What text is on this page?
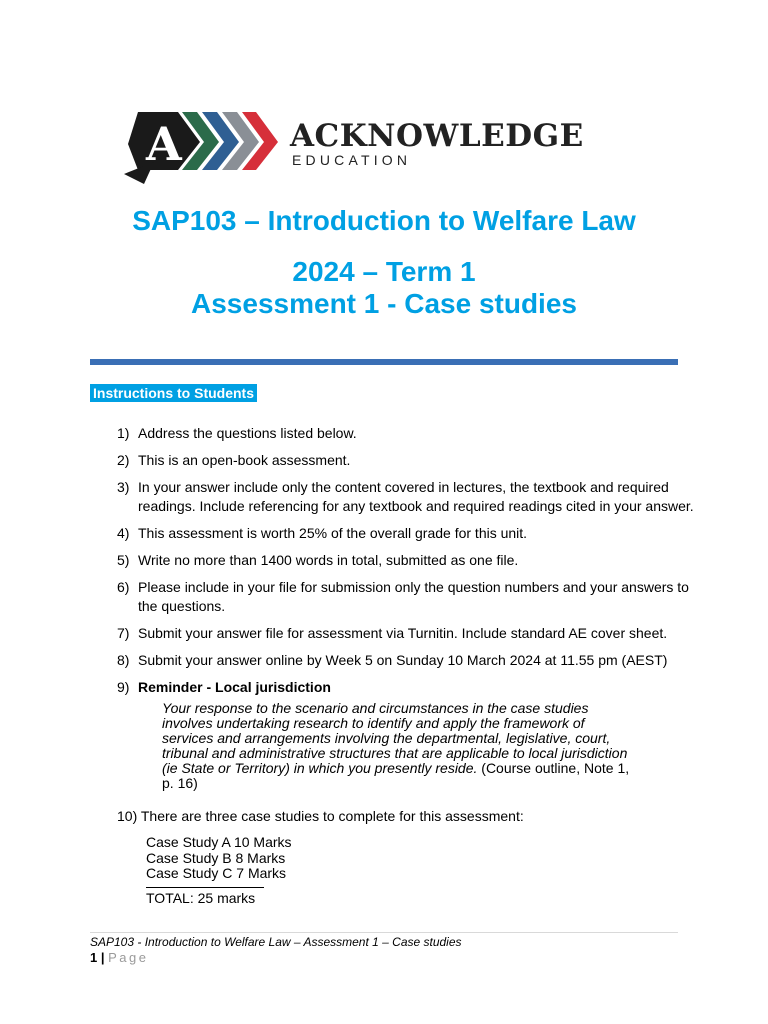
A	ACKNOWLEDGE
EDUCATION
SAP103 – Introduction to Welfare Law
2024 – Term 1
Assessment 1 - Case studies
Instructions to Students
1) Address the questions listed below.
2) This is an open-book assessment.
3) In your answer include only the content covered in lectures, the textbook and required readings. Include referencing for any textbook and required readings cited in your answer.
4) This assessment is worth 25% of the overall grade for this unit.
5) Write no more than 1400 words in total, submitted as one file.
6) Please include in your file for submission only the question numbers and your answers to the questions.
7) Submit your answer file for assessment via Turnitin. Include standard AE cover sheet.
8) Submit your answer online by Week 5 on Sunday 10 March 2024 at 11.55 pm (AEST)
9) Reminder - Local jurisdiction
Your response to the scenario and circumstances in the case studies involves undertaking research to identify and apply the framework of services and arrangements involving the departmental, legislative, court, tribunal and administrative structures that are applicable to local jurisdiction (ie State or Territory) in which you presently reside. (Course outline, Note 1, p. 16)
10) There are three case studies to complete for this assessment:
Case Study A 10 Marks
Case Study B 8 Marks
Case Study C 7 Marks
TOTAL: 25 marks
SAP103 - Introduction to Welfare Law – Assessment 1 – Case studies
1 | Page
